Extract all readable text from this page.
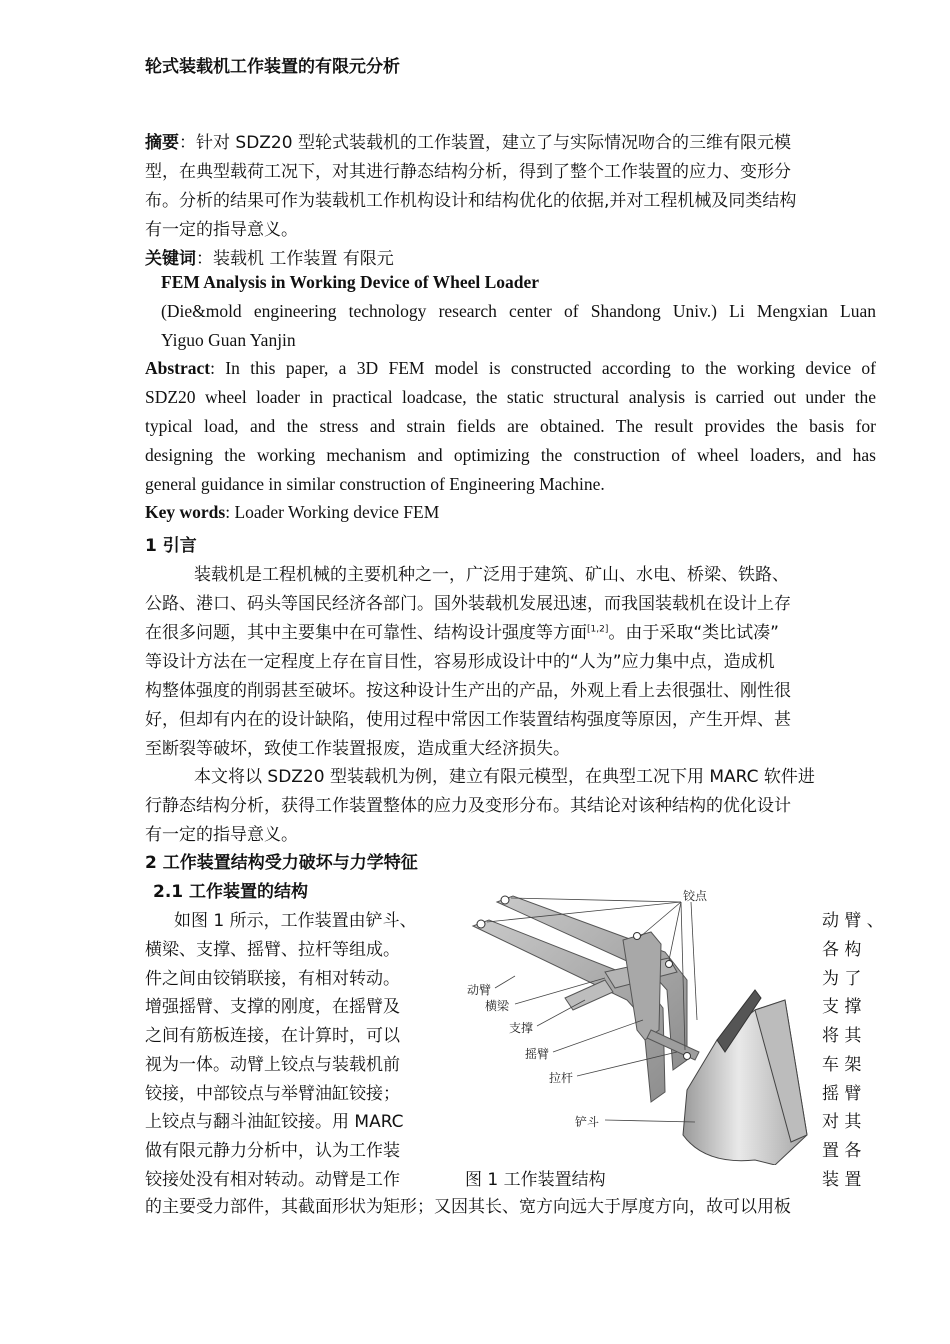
轮式装载机工作装置的有限元分析
摘要：针对 SDZ20 型轮式装载机的工作装置，建立了与实际情况吻合的三维有限元模
型，在典型载荷工况下，对其进行静态结构分析，得到了整个工作装置的应力、变形分
布。分析的结果可作为装载机工作机构设计和结构优化的依据,并对工程机械及同类结构
有一定的指导意义。
关键词：装载机 工作装置 有限元
FEM Analysis in Working Device of Wheel Loader
(Die&mold engineering technology research center of Shandong Univ.) Li Mengxian Luan
Yiguo Guan Yanjin
Abstract: In this paper, a 3D FEM model is constructed according to the working device of
SDZ20 wheel loader in practical loadcase, the static structural analysis is carried out under the
typical load, and the stress and strain fields are obtained. The result provides the basis for
designing the working mechanism and optimizing the construction of wheel loaders, and has
general guidance in similar construction of Engineering Machine.
Key words: Loader Working device FEM
1 引言
装载机是工程机械的主要机种之一，广泛用于建筑、矿山、水电、桥梁、铁路、
公路、港口、码头等国民经济各部门。国外装载机发展迅速，而我国装载机在设计上存
在很多问题，其中主要集中在可靠性、结构设计强度等方面[1,2]。由于采取“类比试凑”
等设计方法在一定程度上存在盲目性，容易形成设计中的“人为”应力集中点，造成机
构整体强度的削弱甚至破坏。按这种设计生产出的产品，外观上看上去很强壮、刚性很
好，但却有内在的设计缺陷，使用过程中常因工作装置结构强度等原因，产生开焊、甚
至断裂等破坏，致使工作装置报废，造成重大经济损失。
本文将以 SDZ20 型装载机为例，建立有限元模型，在典型工况下用 MARC 软件进
行静态结构分析，获得工作装置整体的应力及变形分布。其结论对该种结构的优化设计
有一定的指导意义。
2 工作装置结构受力破坏与力学特征
2.1 工作装置的结构
如图 1 所示，工作装置由铲斗、
横梁、支撑、摇臂、拉杆等组成。
件之间由铰销联接，有相对转动。
增强摇臂、支撑的刚度，在摇臂及
之间有筋板连接，在计算时，可以
视为一体。动臂上铰点与装载机前
铰接，中部铰点与举臂油缸铰接；
上铰点与翻斗油缸铰接。用 MARC
做有限元静力分析中，认为工作装
铰接处没有相对转动。动臂是工作
动 臂 、
各 构
为 了
支 撑
将 其
车 架
摇 臂
对 其
置 各
装 置
铰点
动臂
横梁
支撑
摇臂
拉杆
铲斗
图 1 工作装置结构
的主要受力部件，其截面形状为矩形；又因其长、宽方向远大于厚度方向，故可以用板
